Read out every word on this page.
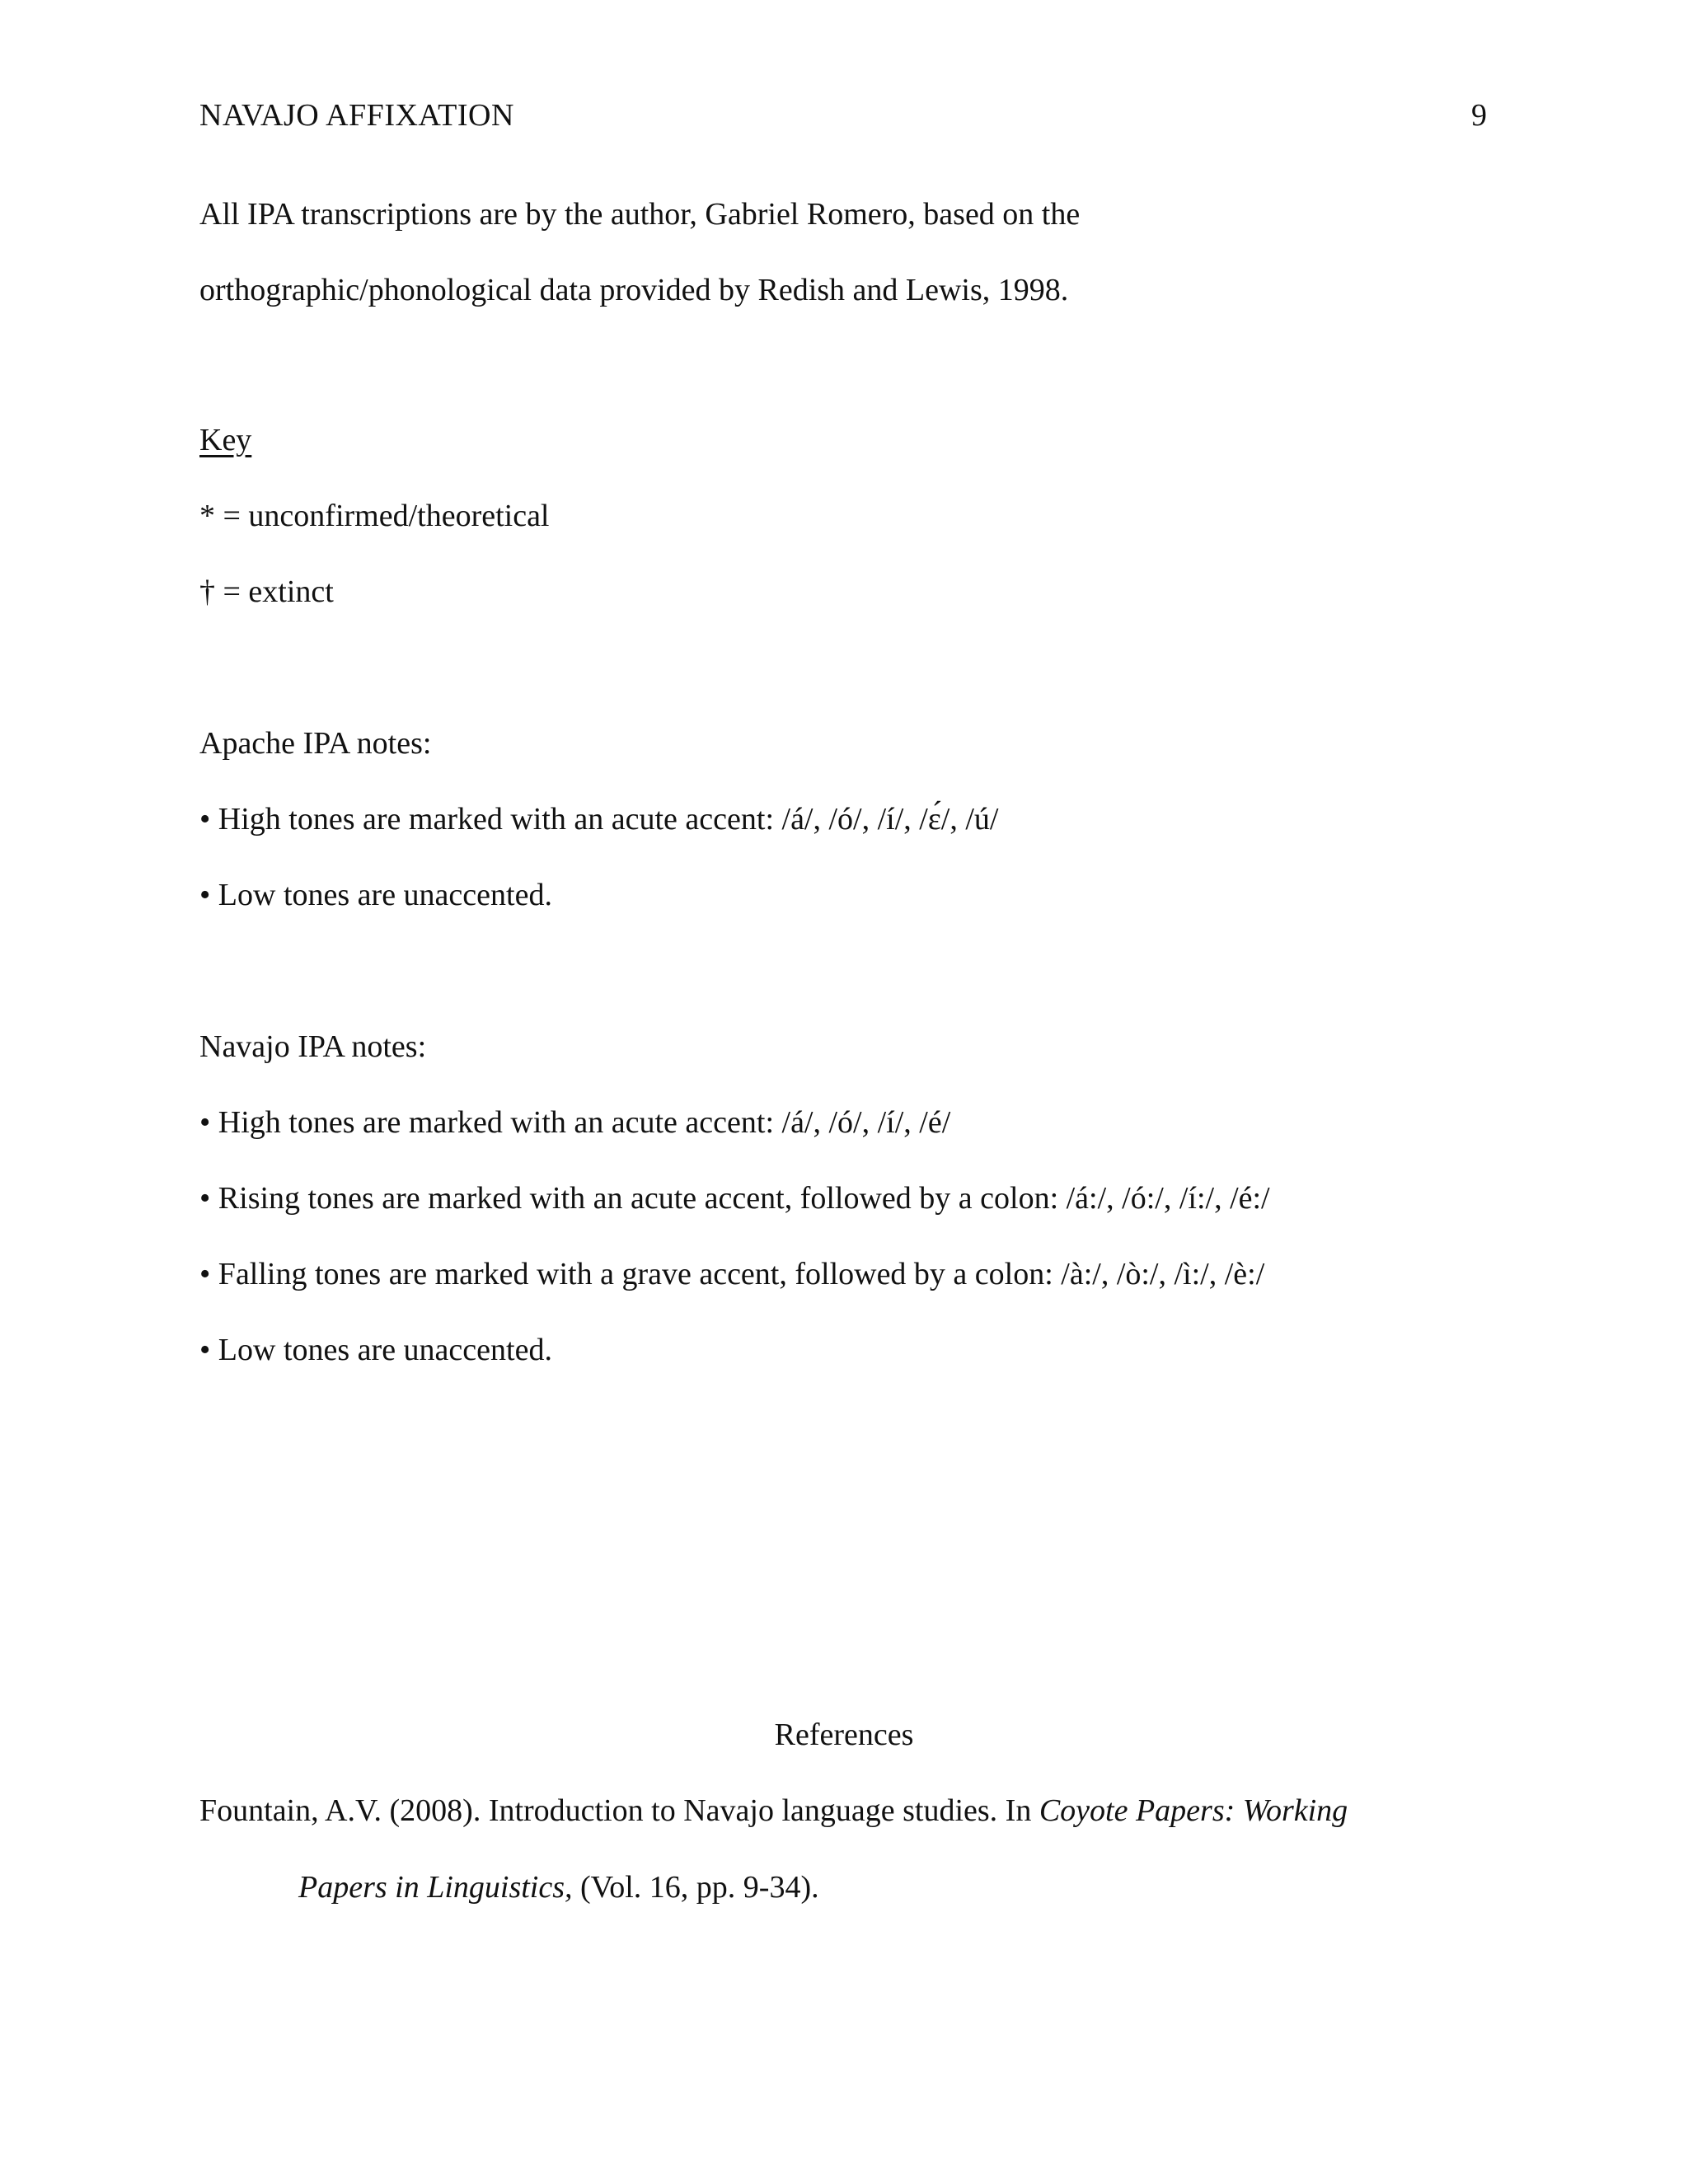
NAVAJO AFFIXATION	9
All IPA transcriptions are by the author, Gabriel Romero, based on the
orthographic/phonological data provided by Redish and Lewis, 1998.
Key
* = unconfirmed/theoretical
† = extinct
Apache IPA notes:
• High tones are marked with an acute accent: /á/, /ó/, /í/, /ɛ́/, /ú/
• Low tones are unaccented.
Navajo IPA notes:
• High tones are marked with an acute accent: /á/, /ó/, /í/, /é/
• Rising tones are marked with an acute accent, followed by a colon: /á:/, /ó:/, /í:/, /é:/
• Falling tones are marked with a grave accent, followed by a colon: /à:/, /ò:/, /ì:/, /è:/
• Low tones are unaccented.
References
Fountain, A.V. (2008). Introduction to Navajo language studies. In Coyote Papers: Working
Papers in Linguistics, (Vol. 16, pp. 9-34).
